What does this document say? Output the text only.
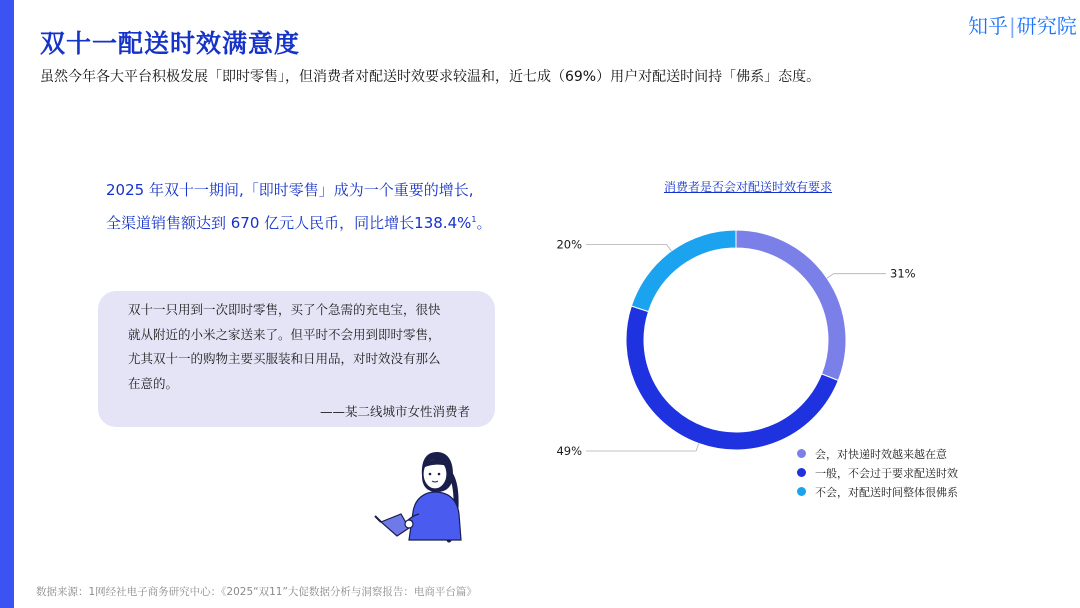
双十一配送时效满意度
知乎|研究院
虽然今年各大平台积极发展「即时零售」，但消费者对配送时效要求较温和，近七成（69%）用户对配送时间持「佛系」态度。
2025 年双十一期间,「即时零售」成为一个重要的增长,
全渠道销售额达到 670 亿元人民币，同比增长138.4%$^1$。
双十一只用到一次即时零售，买了个急需的充电宝，很快
就从附近的小米之家送来了。但平时不会用到即时零售，
尤其双十一的购物主要买服装和日用品，对时效没有那么
在意的。
——某二线城市女性消费者
消费者是否会对配送时效有要求
31%
49%
20%
会，对快递时效越来越在意
一般，不会过于要求配送时效
不会，对配送时间整体很佛系
数据来源：1网经社电子商务研究中心：《2025“双11”大促数据分析与洞察报告：电商平台篇》
